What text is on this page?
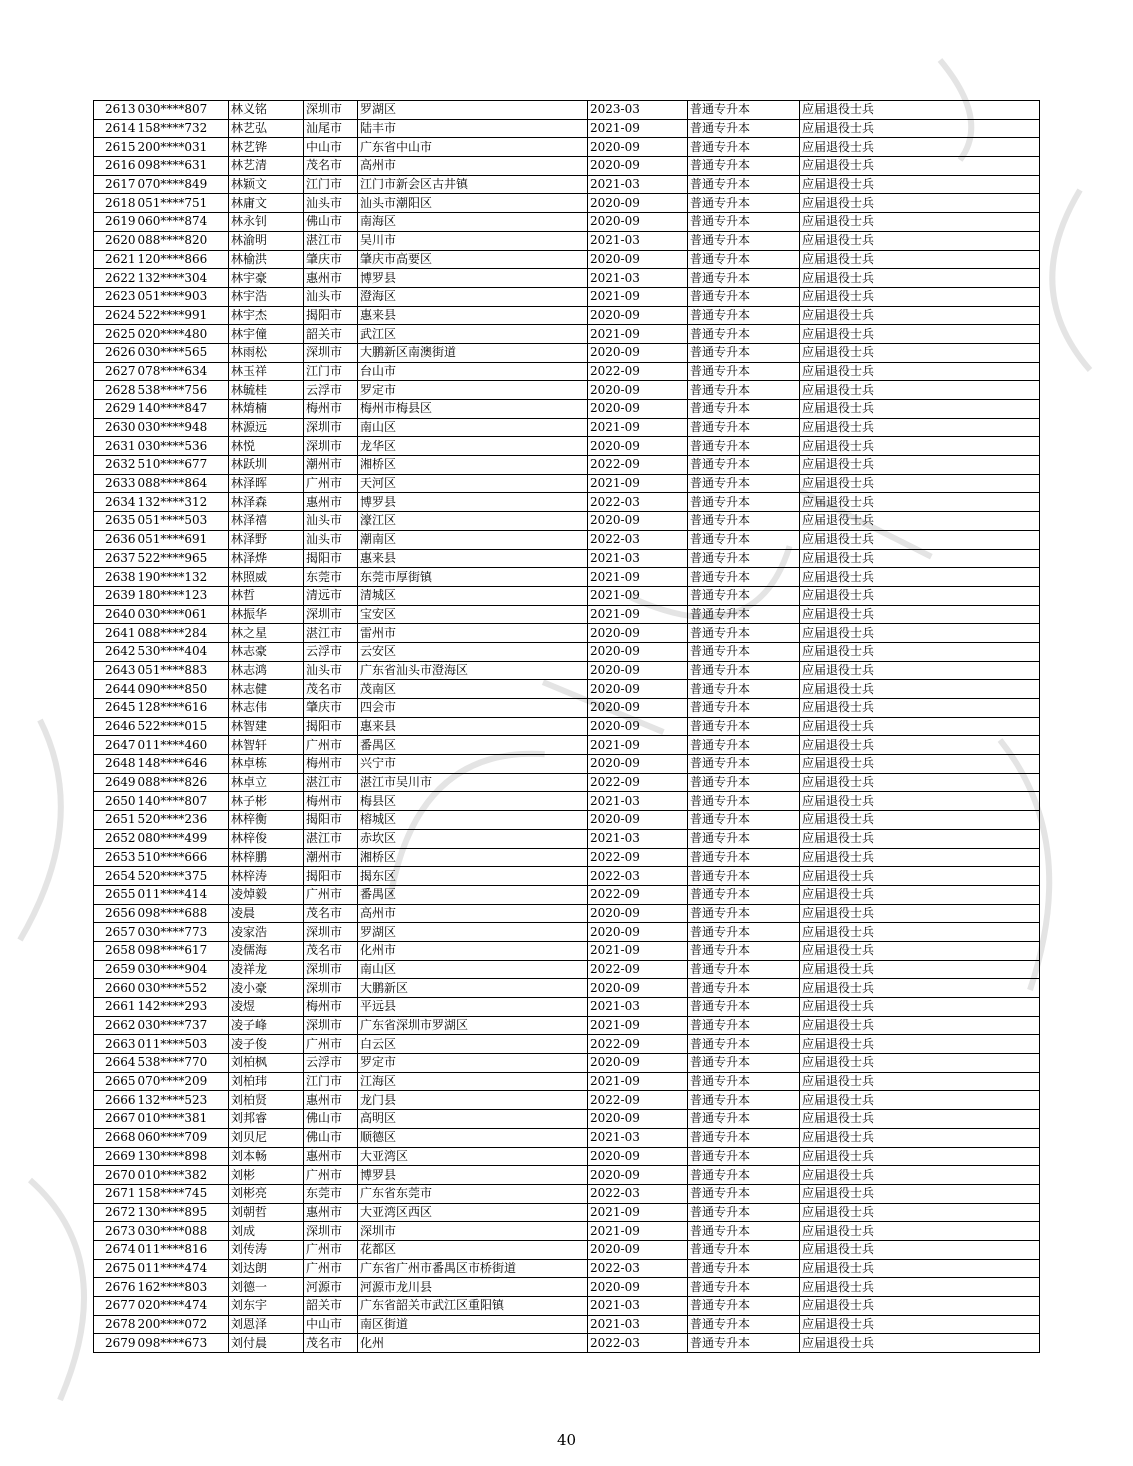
2613	030****807	林义铭	深圳市	罗湖区	2023-03	普通专升本	应届退役士兵
2614	158****732	林艺弘	汕尾市	陆丰市	2021-09	普通专升本	应届退役士兵
2615	200****031	林艺铧	中山市	广东省中山市	2020-09	普通专升本	应届退役士兵
2616	098****631	林艺清	茂名市	高州市	2020-09	普通专升本	应届退役士兵
2617	070****849	林颖文	江门市	江门市新会区古井镇	2021-03	普通专升本	应届退役士兵
2618	051****751	林庸文	汕头市	汕头市潮阳区	2020-09	普通专升本	应届退役士兵
2619	060****874	林永钊	佛山市	南海区	2020-09	普通专升本	应届退役士兵
2620	088****820	林渝明	湛江市	吴川市	2021-03	普通专升本	应届退役士兵
2621	120****866	林榆洪	肇庆市	肇庆市高要区	2020-09	普通专升本	应届退役士兵
2622	132****304	林宇豪	惠州市	博罗县	2021-03	普通专升本	应届退役士兵
2623	051****903	林宇浩	汕头市	澄海区	2021-09	普通专升本	应届退役士兵
2624	522****991	林宇杰	揭阳市	惠来县	2020-09	普通专升本	应届退役士兵
2625	020****480	林宇僮	韶关市	武江区	2021-09	普通专升本	应届退役士兵
2626	030****565	林雨松	深圳市	大鹏新区南澳街道	2020-09	普通专升本	应届退役士兵
2627	078****634	林玉祥	江门市	台山市	2022-09	普通专升本	应届退役士兵
2628	538****756	林毓桂	云浮市	罗定市	2020-09	普通专升本	应届退役士兵
2629	140****847	林焴楠	梅州市	梅州市梅县区	2020-09	普通专升本	应届退役士兵
2630	030****948	林源远	深圳市	南山区	2021-09	普通专升本	应届退役士兵
2631	030****536	林悦	深圳市	龙华区	2020-09	普通专升本	应届退役士兵
2632	510****677	林跃圳	潮州市	湘桥区	2022-09	普通专升本	应届退役士兵
2633	088****864	林泽晖	广州市	天河区	2021-09	普通专升本	应届退役士兵
2634	132****312	林泽森	惠州市	博罗县	2022-03	普通专升本	应届退役士兵
2635	051****503	林泽禧	汕头市	濠江区	2020-09	普通专升本	应届退役士兵
2636	051****691	林泽野	汕头市	潮南区	2022-03	普通专升本	应届退役士兵
2637	522****965	林泽烨	揭阳市	惠来县	2021-03	普通专升本	应届退役士兵
2638	190****132	林照威	东莞市	东莞市厚街镇	2021-09	普通专升本	应届退役士兵
2639	180****123	林哲	清远市	清城区	2021-09	普通专升本	应届退役士兵
2640	030****061	林振华	深圳市	宝安区	2021-09	普通专升本	应届退役士兵
2641	088****284	林之星	湛江市	雷州市	2020-09	普通专升本	应届退役士兵
2642	530****404	林志豪	云浮市	云安区	2020-09	普通专升本	应届退役士兵
2643	051****883	林志鸿	汕头市	广东省汕头市澄海区	2020-09	普通专升本	应届退役士兵
2644	090****850	林志健	茂名市	茂南区	2020-09	普通专升本	应届退役士兵
2645	128****616	林志伟	肇庆市	四会市	2020-09	普通专升本	应届退役士兵
2646	522****015	林智建	揭阳市	惠来县	2020-09	普通专升本	应届退役士兵
2647	011****460	林智轩	广州市	番禺区	2021-09	普通专升本	应届退役士兵
2648	148****646	林卓栋	梅州市	兴宁市	2020-09	普通专升本	应届退役士兵
2649	088****826	林卓立	湛江市	湛江市吴川市	2022-09	普通专升本	应届退役士兵
2650	140****807	林子彬	梅州市	梅县区	2021-03	普通专升本	应届退役士兵
2651	520****236	林梓衡	揭阳市	榕城区	2020-09	普通专升本	应届退役士兵
2652	080****499	林梓俊	湛江市	赤坎区	2021-03	普通专升本	应届退役士兵
2653	510****666	林梓鹏	潮州市	湘桥区	2022-09	普通专升本	应届退役士兵
2654	520****375	林梓涛	揭阳市	揭东区	2022-03	普通专升本	应届退役士兵
2655	011****414	凌焯毅	广州市	番禺区	2022-09	普通专升本	应届退役士兵
2656	098****688	凌晨	茂名市	高州市	2020-09	普通专升本	应届退役士兵
2657	030****773	凌家浩	深圳市	罗湖区	2020-09	普通专升本	应届退役士兵
2658	098****617	凌儒海	茂名市	化州市	2021-09	普通专升本	应届退役士兵
2659	030****904	凌祥龙	深圳市	南山区	2022-09	普通专升本	应届退役士兵
2660	030****552	凌小豪	深圳市	大鹏新区	2020-09	普通专升本	应届退役士兵
2661	142****293	凌煜	梅州市	平远县	2021-03	普通专升本	应届退役士兵
2662	030****737	凌子峰	深圳市	广东省深圳市罗湖区	2021-09	普通专升本	应届退役士兵
2663	011****503	凌子俊	广州市	白云区	2022-09	普通专升本	应届退役士兵
2664	538****770	刘柏枫	云浮市	罗定市	2020-09	普通专升本	应届退役士兵
2665	070****209	刘柏玮	江门市	江海区	2021-09	普通专升本	应届退役士兵
2666	132****523	刘柏贤	惠州市	龙门县	2022-09	普通专升本	应届退役士兵
2667	010****381	刘邦睿	佛山市	高明区	2020-09	普通专升本	应届退役士兵
2668	060****709	刘贝尼	佛山市	顺德区	2021-03	普通专升本	应届退役士兵
2669	130****898	刘本畅	惠州市	大亚湾区	2020-09	普通专升本	应届退役士兵
2670	010****382	刘彬	广州市	博罗县	2020-09	普通专升本	应届退役士兵
2671	158****745	刘彬亮	东莞市	广东省东莞市	2022-03	普通专升本	应届退役士兵
2672	130****895	刘朝哲	惠州市	大亚湾区西区	2021-09	普通专升本	应届退役士兵
2673	030****088	刘成	深圳市	深圳市	2021-09	普通专升本	应届退役士兵
2674	011****816	刘传涛	广州市	花都区	2020-09	普通专升本	应届退役士兵
2675	011****474	刘达朗	广州市	广东省广州市番禺区市桥街道	2022-03	普通专升本	应届退役士兵
2676	162****803	刘德一	河源市	河源市龙川县	2020-09	普通专升本	应届退役士兵
2677	020****474	刘东宇	韶关市	广东省韶关市武江区重阳镇	2021-03	普通专升本	应届退役士兵
2678	200****072	刘恩泽	中山市	南区街道	2021-03	普通专升本	应届退役士兵
2679	098****673	刘付晨	茂名市	化州	2022-03	普通专升本	应届退役士兵
40
